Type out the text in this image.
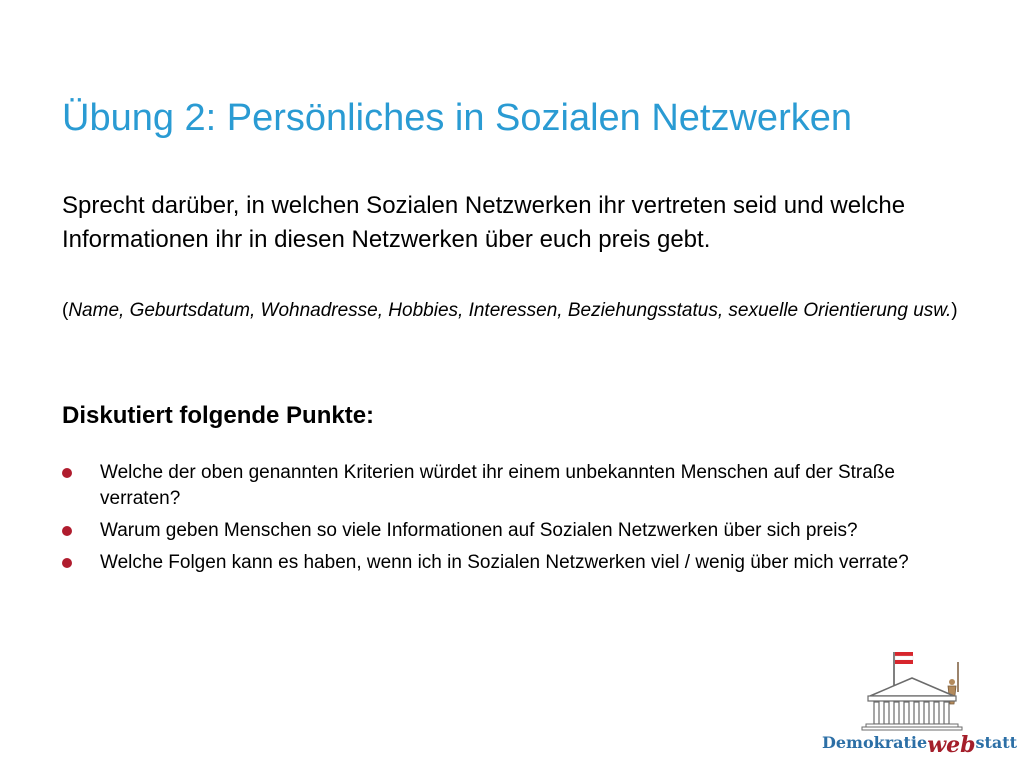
Übung 2: Persönliches in Sozialen Netzwerken

Sprecht darüber, in welchen Sozialen Netzwerken ihr vertreten seid und welche Informationen ihr in diesen Netzwerken über euch preis gebt.

(Name, Geburtsdatum, Wohnadresse, Hobbies, Interessen, Beziehungsstatus, sexuelle Orientierung usw.)

Diskutiert folgende Punkte:
Welche der oben genannten Kriterien würdet ihr einem unbekannten Menschen auf der Straße verraten?
Warum geben Menschen so viele Informationen auf Sozialen Netzwerken über sich preis?
Welche Folgen kann es haben, wenn ich in Sozialen Netzwerken viel / wenig über mich verrate?
Demokratiewebstatt
